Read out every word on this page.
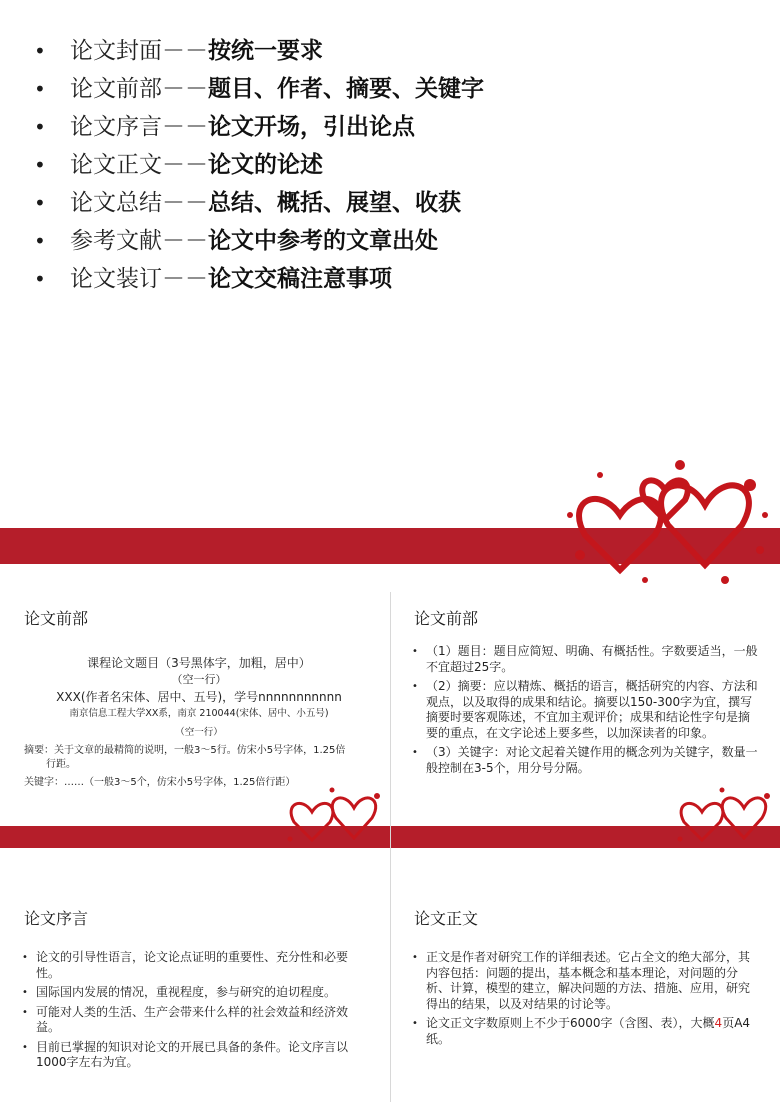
• 论文封面－－按统一要求
• 论文前部－－题目、作者、摘要、关键字
• 论文序言－－论文开场，引出论点
• 论文正文－－论文的论述
• 论文总结－－总结、概括、展望、收获
• 参考文献－－论文中参考的文章出处
• 论文装订－－论文交稿注意事项
论文前部
课程论文题目（3号黑体字，加粗，居中）
（空一行）
XXX(作者名宋体、居中、五号)，学号nnnnnnnnnnn
南京信息工程大学XX系，南京 210044(宋体、居中、小五号)
（空一行）
摘要：关于文章的最精简的说明，一般3～5行。仿宋小5号字体，1.25倍
行距。
关键字：……（一般3～5个，仿宋小5号字体，1.25倍行距）
论文前部
• （1）题目：题目应简短、明确、有概括性。字数要适当，一般不宜超过25字。
• （2）摘要：应以精炼、概括的语言，概括研究的内容、方法和观点，以及取得的成果和结论。摘要以150-300字为宜，撰写摘要时要客观陈述，不宜加主观评价；成果和结论性字句是摘要的重点，在文字论述上要多些，以加深读者的印象。
• （3）关键字：对论文起着关键作用的概念列为关键字，数量一般控制在3-5个，用分号分隔。
论文序言
• 论文的引导性语言，论文论点证明的重要性、充分性和必要性。
• 国际国内发展的情况，重视程度，参与研究的迫切程度。
• 可能对人类的生活、生产会带来什么样的社会效益和经济效益。
• 目前已掌握的知识对论文的开展已具备的条件。论文序言以1000字左右为宜。
论文正文
• 正文是作者对研究工作的详细表述。它占全文的绝大部分，其内容包括：问题的提出，基本概念和基本理论，对问题的分析、计算，模型的建立，解决问题的方法、措施、应用，研究得出的结果，以及对结果的讨论等。
• 论文正文字数原则上不少于6000字（含图、表），大概4页A4纸。
